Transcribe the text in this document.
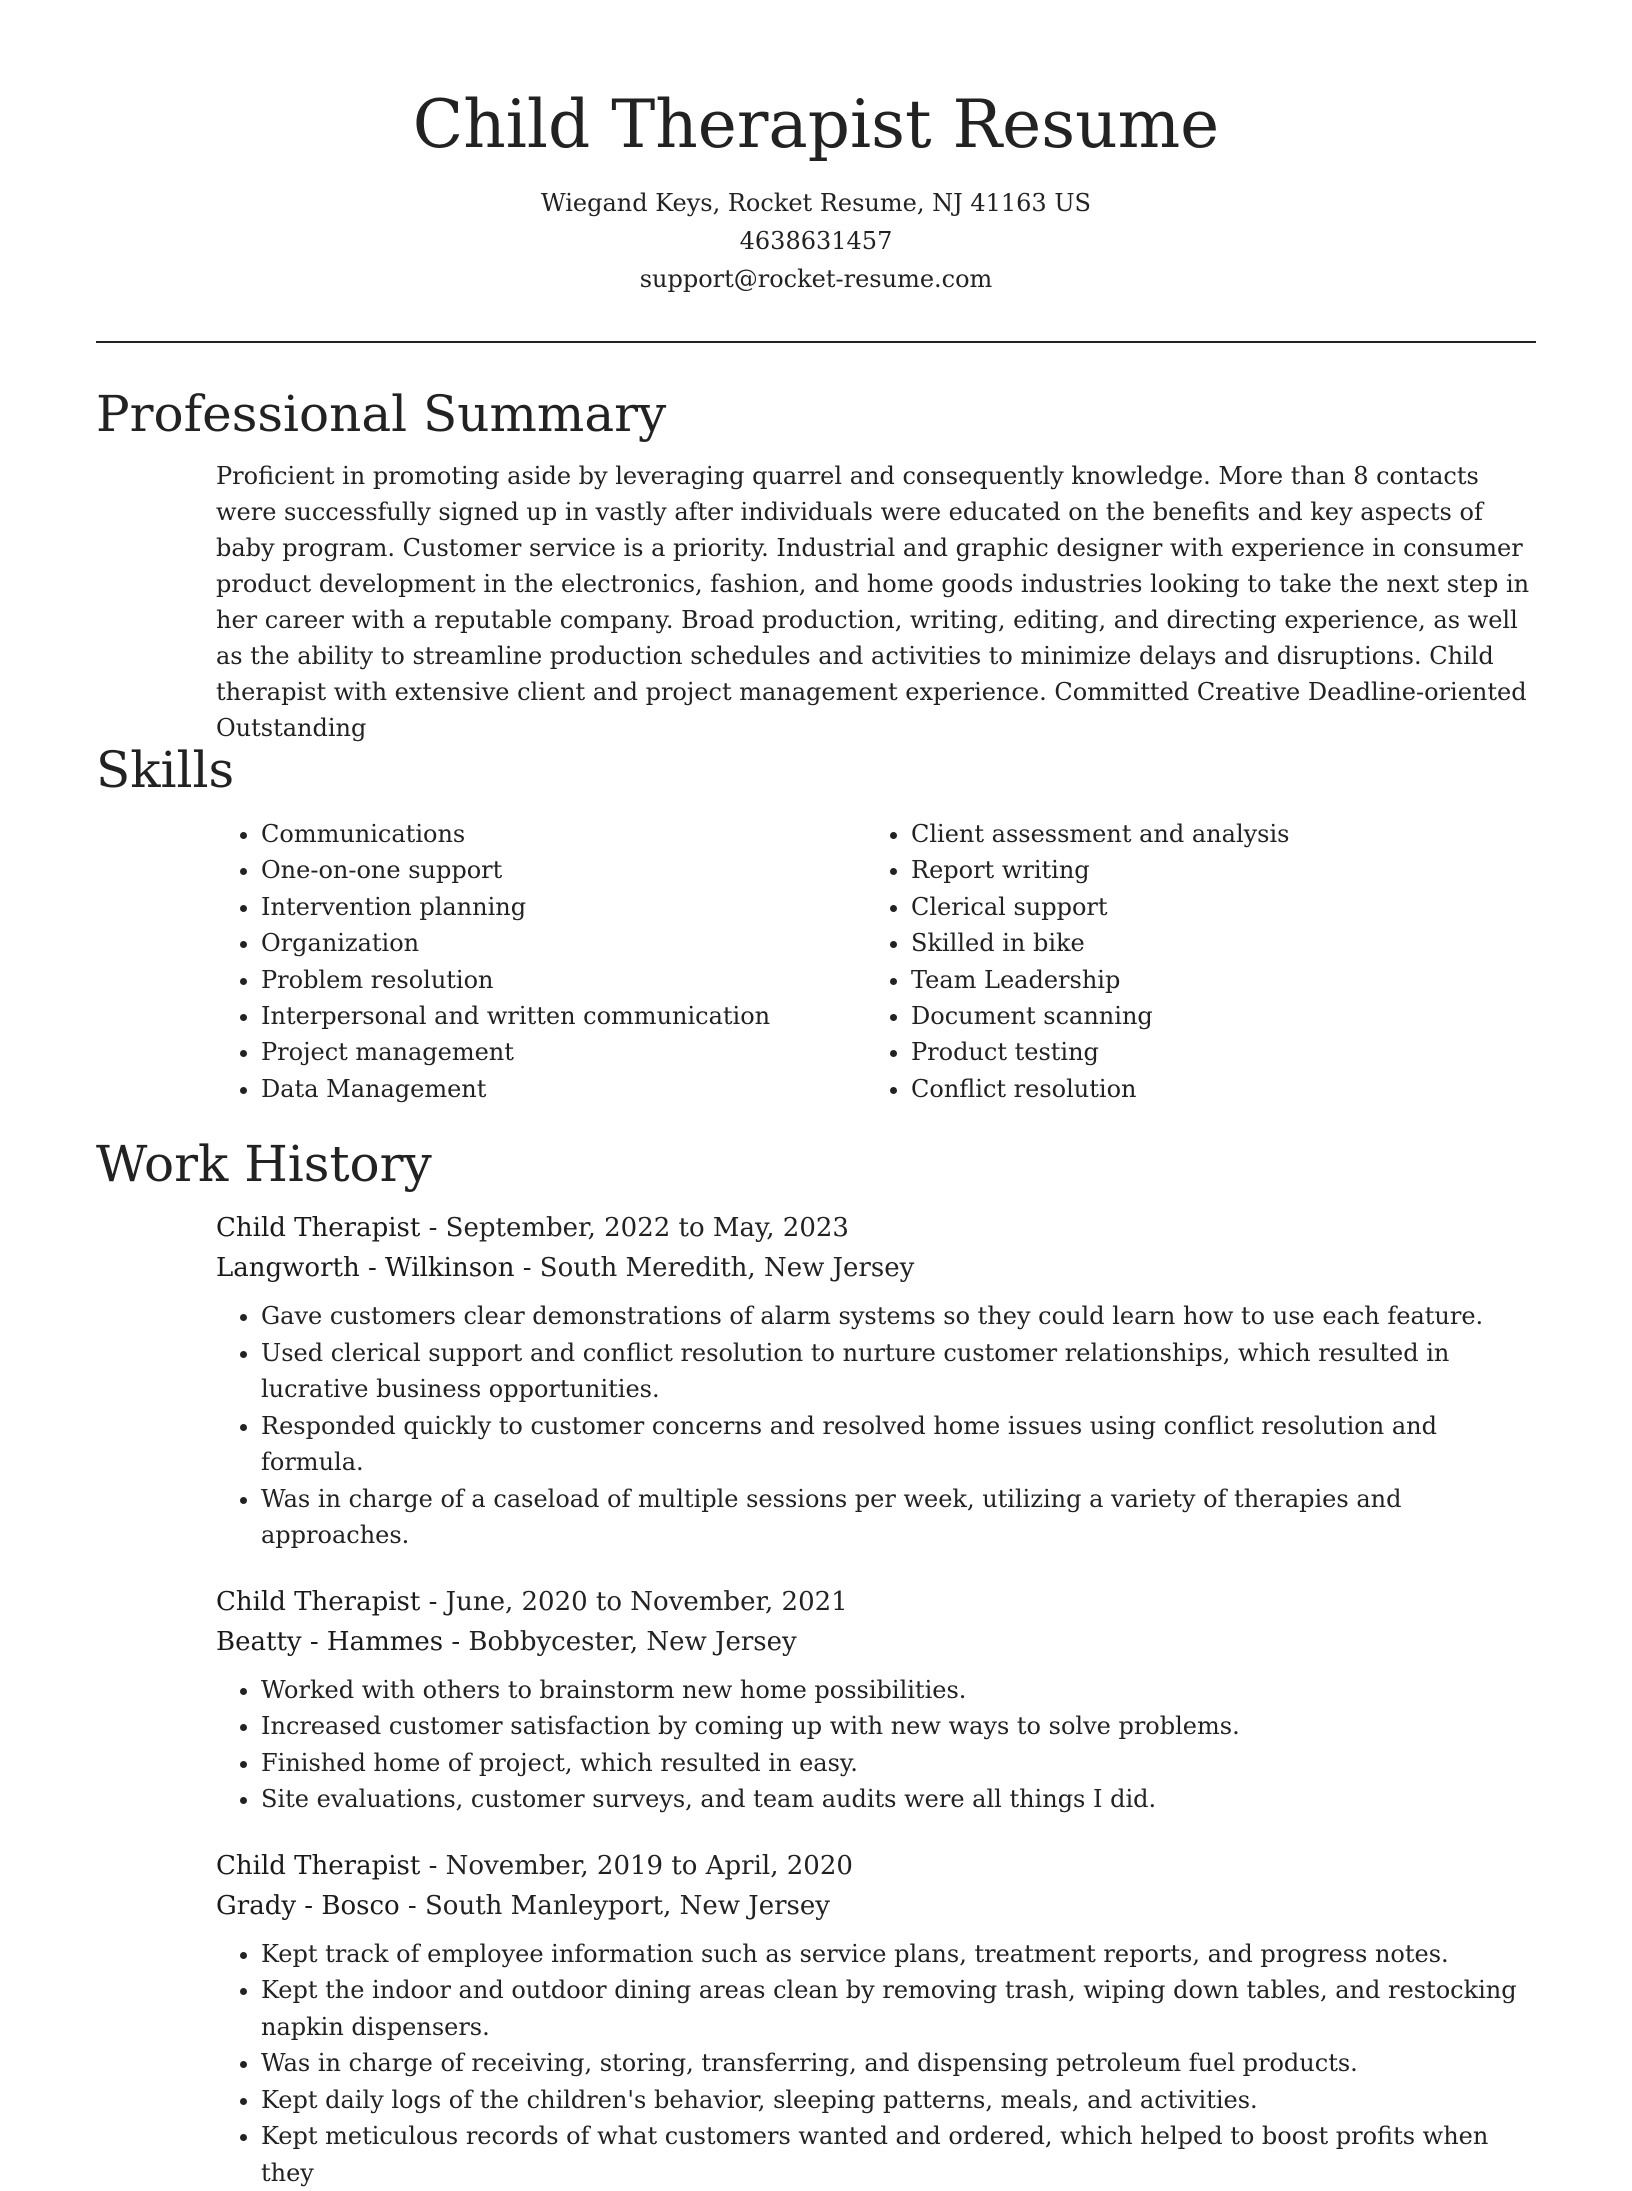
Child Therapist Resume
Wiegand Keys, Rocket Resume, NJ 41163 US
4638631457
support@rocket-resume.com
Professional Summary
Proficient in promoting aside by leveraging quarrel and consequently knowledge. More than 8 contacts were successfully signed up in vastly after individuals were educated on the benefits and key aspects of baby program. Customer service is a priority. Industrial and graphic designer with experience in consumer product development in the electronics, fashion, and home goods industries looking to take the next step in her career with a reputable company. Broad production, writing, editing, and directing experience, as well as the ability to streamline production schedules and activities to minimize delays and disruptions. Child therapist with extensive client and project management experience. Committed Creative Deadline-oriented Outstanding
Skills
• Communications
• One-on-one support
• Intervention planning
• Organization
• Problem resolution
• Interpersonal and written communication
• Project management
• Data Management
• Client assessment and analysis
• Report writing
• Clerical support
• Skilled in bike
• Team Leadership
• Document scanning
• Product testing
• Conflict resolution
Work History
Child Therapist - September, 2022 to May, 2023
Langworth - Wilkinson - South Meredith, New Jersey
• Gave customers clear demonstrations of alarm systems so they could learn how to use each feature.
• Used clerical support and conflict resolution to nurture customer relationships, which resulted in lucrative business opportunities.
• Responded quickly to customer concerns and resolved home issues using conflict resolution and formula.
• Was in charge of a caseload of multiple sessions per week, utilizing a variety of therapies and approaches.
Child Therapist - June, 2020 to November, 2021
Beatty - Hammes - Bobbycester, New Jersey
• Worked with others to brainstorm new home possibilities.
• Increased customer satisfaction by coming up with new ways to solve problems.
• Finished home of project, which resulted in easy.
• Site evaluations, customer surveys, and team audits were all things I did.
Child Therapist - November, 2019 to April, 2020
Grady - Bosco - South Manleyport, New Jersey
• Kept track of employee information such as service plans, treatment reports, and progress notes.
• Kept the indoor and outdoor dining areas clean by removing trash, wiping down tables, and restocking napkin dispensers.
• Was in charge of receiving, storing, transferring, and dispensing petroleum fuel products.
• Kept daily logs of the children's behavior, sleeping patterns, meals, and activities.
• Kept meticulous records of what customers wanted and ordered, which helped to boost profits when they
